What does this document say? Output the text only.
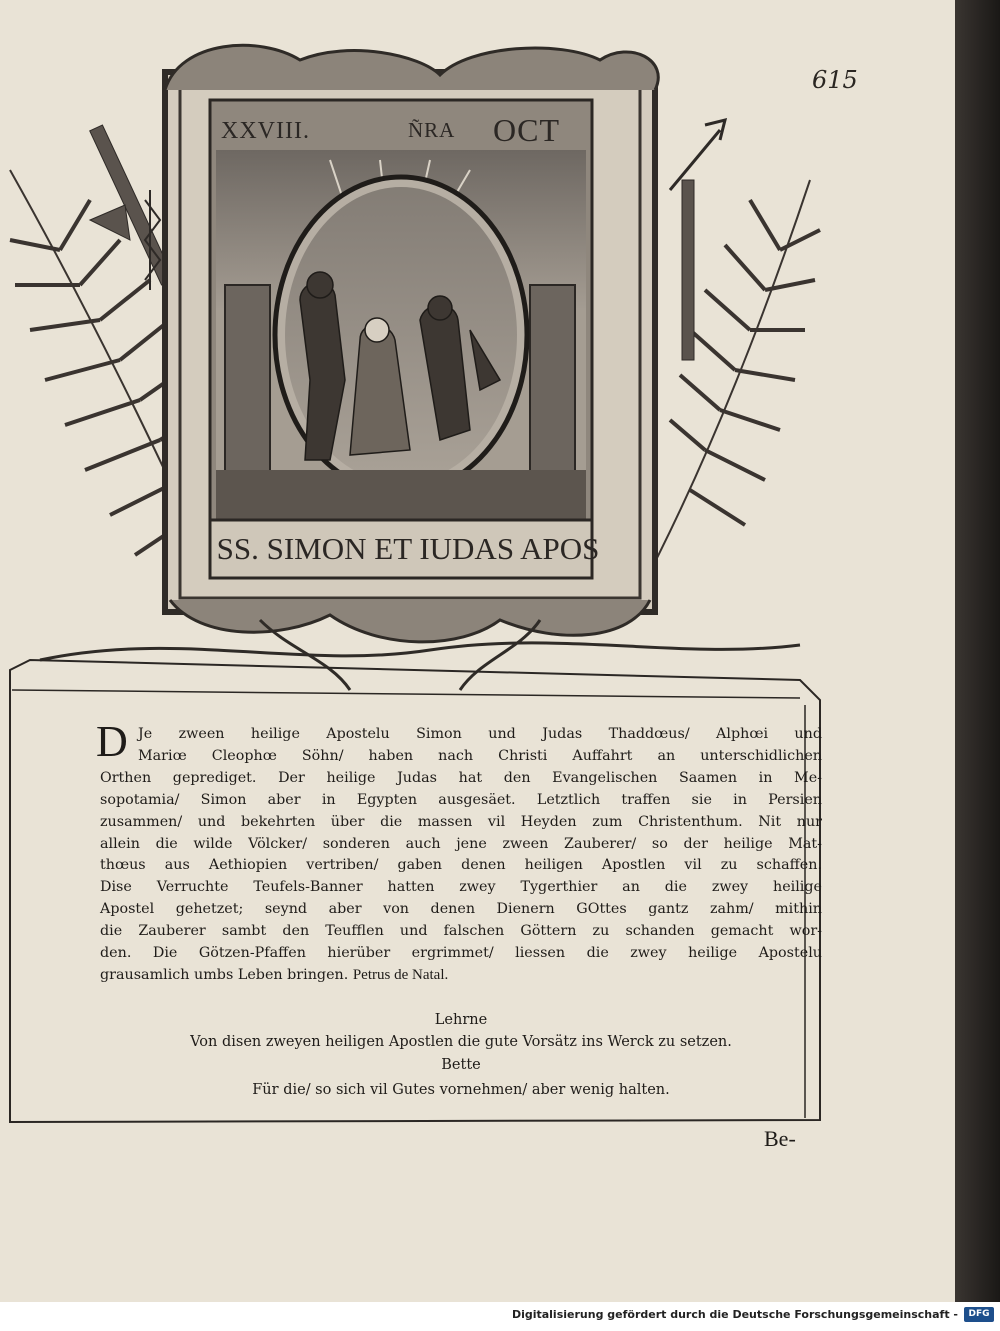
XXVIII.	ÑRA OCT
SS. SIMON ET IUDAS APOS
615
D Je zween heilige Apostelu Simon und Judas Thaddœus/ Alphœi und
Mariœ Cleophœ Söhn/ haben nach Christi Auffahrt an unterschidlichen
Orthen geprediget. Der heilige Judas hat den Evangelischen Saamen in Me-
sopotamia/ Simon aber in Egypten ausgesäet. Letztlich traffen sie in Persien
zusammen/ und bekehrten über die massen vil Heyden zum Christenthum. Nit nur
allein die wilde Völcker/ sonderen auch jene zween Zauberer/ so der heilige Mat-
thœus aus Aethiopien vertriben/ gaben denen heiligen Apostlen vil zu schaffen.
Dise Verruchte Teufels-Banner hatten zwey Tygerthier an die zwey heilige
Apostel gehetzet; seynd aber von denen Dienern GOttes gantz zahm/ mithin
die Zauberer sambt den Teufflen und falschen Göttern zu schanden gemacht wor-
den. Die Götzen-Pfaffen hierüber ergrimmet/ liessen die zwey heilige Apostelu
grausamlich umbs Leben bringen. Petrus de Natal.
Lehrne
Von disen zweyen heiligen Apostlen die gute Vorsätz ins Werck zu setzen.
Bette
Für die/ so sich vil Gutes vornehmen/ aber wenig halten.
Be-
Digitalisierung gefördert durch die Deutsche Forschungsgemeinschaft -	DFG
